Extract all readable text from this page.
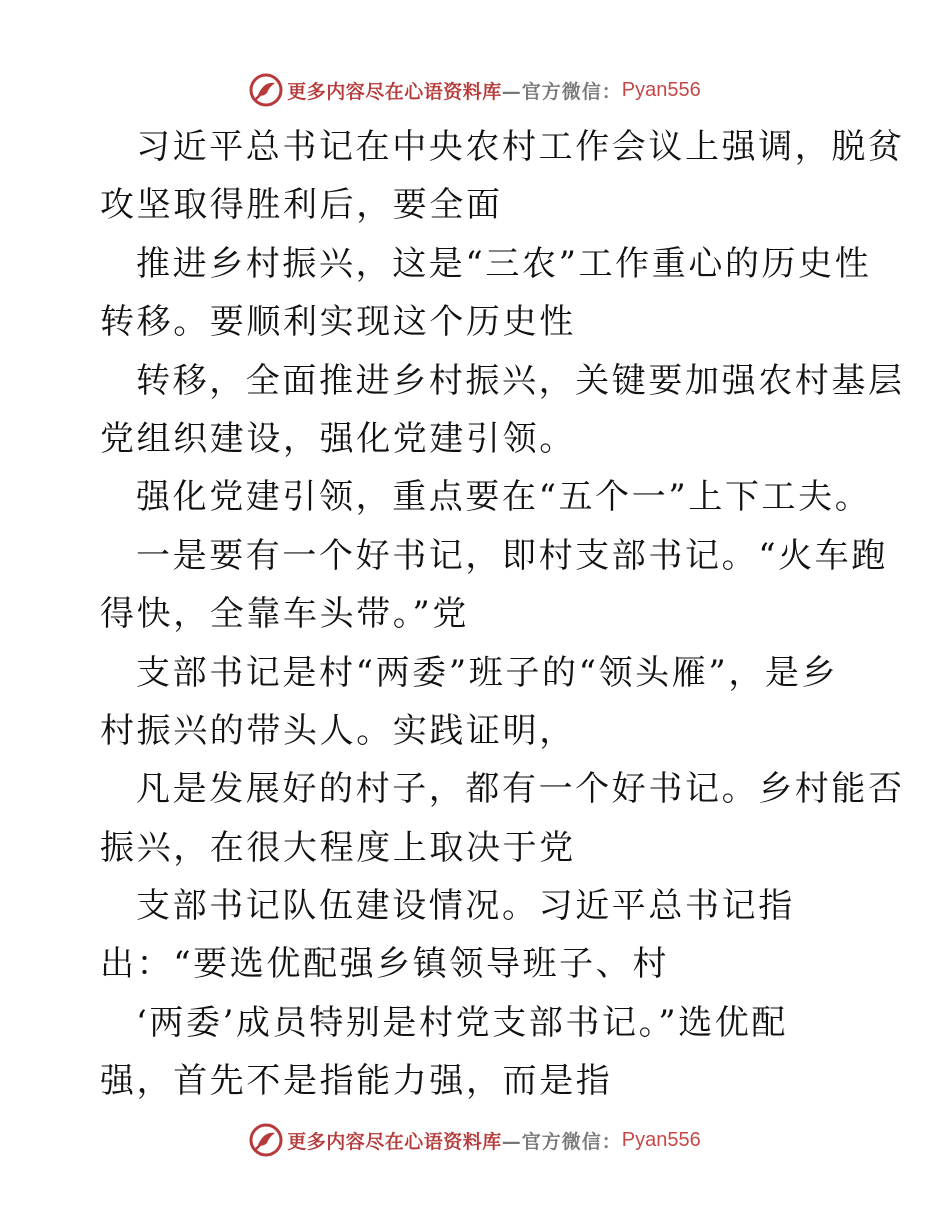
更多内容尽在心语资料库 —官方微信： Pyan556
习近平总书记在中央农村工作会议上强调，脱贫
攻坚取得胜利后，要全面
推进乡村振兴，这是“三农”工作重心的历史性
转移。要顺利实现这个历史性
转移，全面推进乡村振兴，关键要加强农村基层
党组织建设，强化党建引领。
强化党建引领，重点要在“五个一”上下工夫。
一是要有一个好书记，即村支部书记。“火车跑
得快，全靠车头带。”党
支部书记是村“两委”班子的“领头雁”，是乡
村振兴的带头人。实践证明，
凡是发展好的村子，都有一个好书记。乡村能否
振兴，在很大程度上取决于党
支部书记队伍建设情况。习近平总书记指
出：“要选优配强乡镇领导班子、村
‘两委’成员特别是村党支部书记。”选优配
强，首先不是指能力强，而是指
更多内容尽在心语资料库 —官方微信： Pyan556
